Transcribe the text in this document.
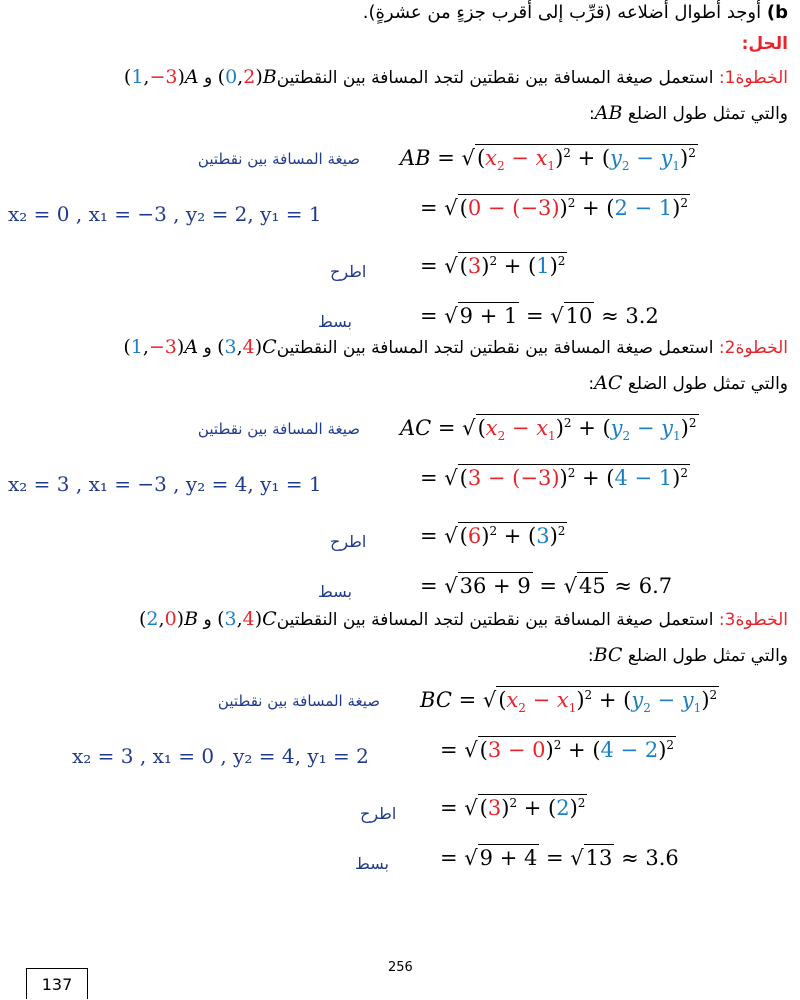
b) أوجد أطوال أضلاعه (قرِّب إلى أقرب جزءٍ من عشرةٍ).
الحل:
الخطوة1: استعمل صيغة المسافة بين نقطتين لتجد المسافة بين النقطتين(0,2)B و (1,−3)A
والتي تمثل طول الضلع AB:
صيغة المسافة بين نقطتين AB = $√(x_2 - x_1)^2 + (y_2 - y_1)^2$
x₂ = 0 , x₁ = −3 , y₂ = 2, y₁ = 1	= $√(0 - (-3))^2 + (2 - 1)^2$
اطرح	= $√(3)^2 + (1)^2$
بسط	= √9 + 1 = √10 ≈ 3.2
الخطوة2: استعمل صيغة المسافة بين نقطتين لتجد المسافة بين النقطتين(3,4)C و (1,−3)A
والتي تمثل طول الضلع AC:
صيغة المسافة بين نقطتين AC = $√(x_2 - x_1)^2 + (y_2 - y_1)^2$
x₂ = 3 , x₁ = −3 , y₂ = 4, y₁ = 1	= $√(3 - (-3))^2 + (4 - 1)^2$
اطرح	= $√(6)^2 + (3)^2$
بسط	= √36 + 9 = √45 ≈ 6.7
الخطوة3: استعمل صيغة المسافة بين نقطتين لتجد المسافة بين النقطتين(3,4)C و (2,0)B
والتي تمثل طول الضلع BC:
صيغة المسافة بين نقطتين BC = $√(x_2 - x_1)^2 + (y_2 - y_1)^2$
x₂ = 3 , x₁ = 0 , y₂ = 4, y₁ = 2	= $√(3 - 0)^2 + (4 - 2)^2$
اطرح = $√(3)^2 + (2)^2$
بسط = √9 + 4 = √13 ≈ 3.6
256
137
